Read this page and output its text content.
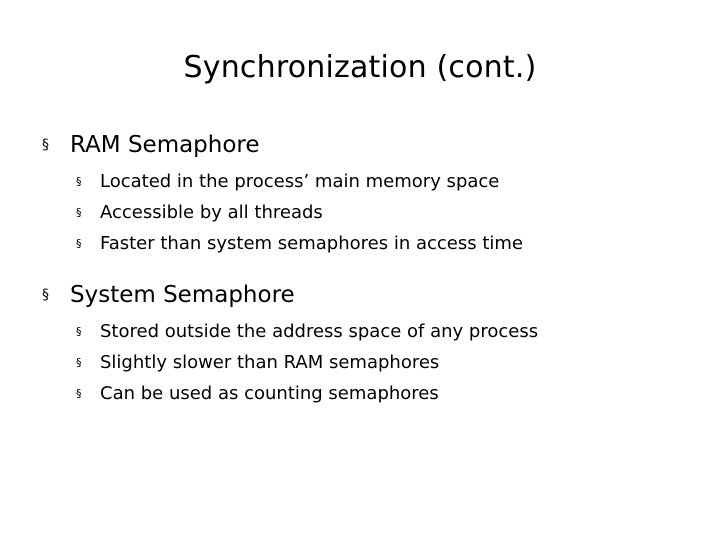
Synchronization (cont.)
§ RAM Semaphore
§	Located in the process’ main memory space
§	Accessible by all threads
§	Faster than system semaphores in access time
§ System Semaphore
§	Stored outside the address space of any process
§	Slightly slower than RAM semaphores
§	Can be used as counting semaphores
